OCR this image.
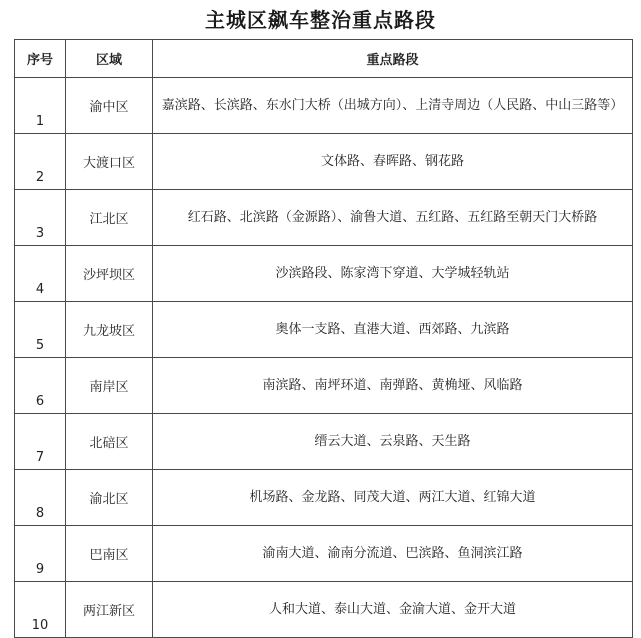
主城区飙车整治重点路段
序号	区域	重点路段
1	渝中区	嘉滨路、长滨路、东水门大桥（出城方向）、上清寺周边（人民路、中山三路等）
2	大渡口区	文体路、春晖路、钢花路
3	江北区	红石路、北滨路（金源路）、渝鲁大道、五红路、五红路至朝天门大桥路
4	沙坪坝区	沙滨路段、陈家湾下穿道、大学城轻轨站
5	九龙坡区	奥体一支路、直港大道、西郊路、九滨路
6	南岸区	南滨路、南坪环道、南弹路、黄桷垭、风临路
7	北碚区	缙云大道、云泉路、天生路
8	渝北区	机场路、金龙路、同茂大道、两江大道、红锦大道
9	巴南区	渝南大道、渝南分流道、巴滨路、鱼洞滨江路
10	两江新区	人和大道、泰山大道、金渝大道、金开大道
